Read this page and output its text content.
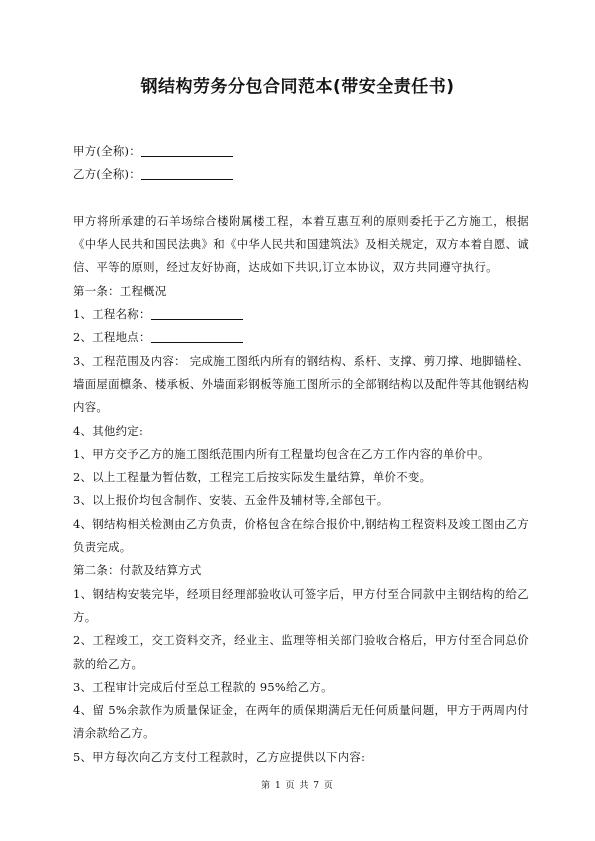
钢结构劳务分包合同范本(带安全责任书)

甲方(全称)：

乙方(全称)：

甲方将所承建的石羊场综合楼附属楼工程，本着互惠互利的原则委托于乙方施工，根据《中华人民共和国民法典》和《中华人民共和国建筑法》及相关规定，双方本着自愿、诚信、平等的原则，经过友好协商，达成如下共识,订立本协议，双方共同遵守执行。

第一条：工程概况

1、工程名称：

2、工程地点：

3、工程范围及内容： 完成施工图纸内所有的钢结构、系杆、支撑、剪刀撑、地脚锚栓、墙面屋面檩条、楼承板、外墙面彩钢板等施工图所示的全部钢结构以及配件等其他钢结构内容。

4、其他约定:

1、甲方交予乙方的施工图纸范围内所有工程量均包含在乙方工作内容的单价中。

2、以上工程量为暂估数，工程完工后按实际发生量结算，单价不变。

3、以上报价均包含制作、安装、五金件及辅材等,全部包干。

4、钢结构相关检测由乙方负责，价格包含在综合报价中,钢结构工程资料及竣工图由乙方负责完成。

第二条：付款及结算方式

1、钢结构安装完毕，经项目经理部验收认可签字后，甲方付至合同款中主钢结构的给乙方。

2、工程竣工，交工资料交齐，经业主、监理等相关部门验收合格后，甲方付至合同总价款的给乙方。

3、工程审计完成后付至总工程款的 95%给乙方。

4、留 5%余款作为质量保证金，在两年的质保期满后无任何质量问题，甲方于两周内付清余款给乙方。

5、甲方每次向乙方支付工程款时，乙方应提供以下内容:

第 1 页 共 7 页
